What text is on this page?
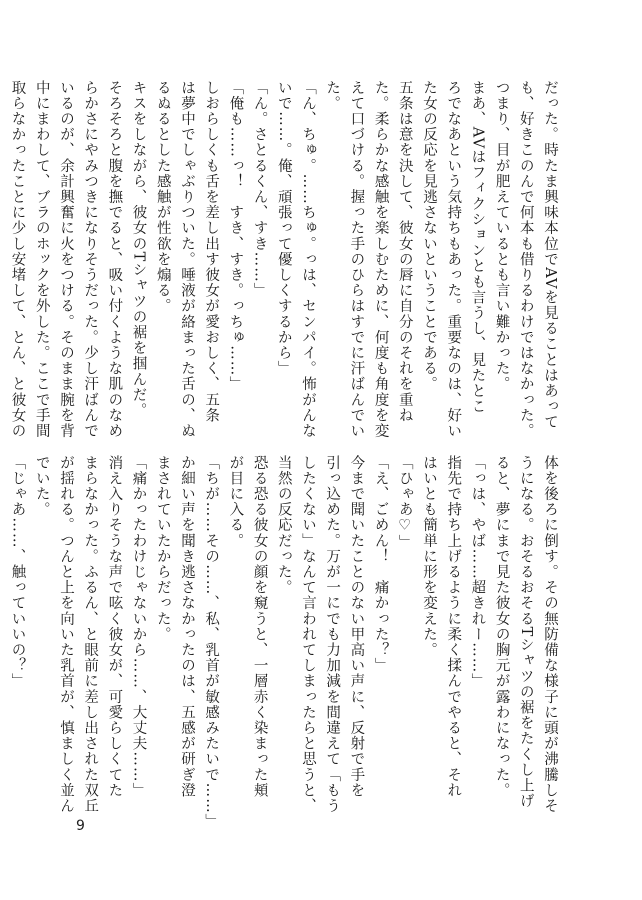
だった。時たま興味本位でAVを見ることはあって
も、好きこのんで何本も借りるわけではなかった。
つまり、目が肥えているとも言い難かった。
まあ、AVはフィクションとも言うし、見たとこ
ろでなあという気持ちもあった。重要なのは、好い
た女の反応を見逃さないということである。
五条は意を決して、彼女の唇に自分のそれを重ね
た。柔らかな感触を楽しむために、何度も角度を変
えて口づける。握った手のひらはすでに汗ばんでい
た。
「ん、ちゅ。……ちゅ。っは、センパイ。怖がんな
いで……。俺、頑張って優しくするから」
「ん。さとるくん、すき……」
「俺も……っ！　すき、すき。っちゅ……」
しおらしくも舌を差し出す彼女が愛おしく、五条
は夢中でしゃぶりついた。唾液が絡まった舌の、ぬ
るぬるとした感触が性欲を煽る。
キスをしながら、彼女のTシャツの裾を掴んだ。
そろそろと腹を撫でると、吸い付くような肌のなめ
らかさにやみつきになりそうだった。少し汗ばんで
いるのが、余計興奮に火をつける。そのまま腕を背
中にまわして、ブラのホックを外した。ここで手間
取らなかったことに少し安堵して、とん、と彼女の
体を後ろに倒す。その無防備な様子に頭が沸騰しそ
うになる。おそるおそるTシャツの裾をたくし上げ
ると、夢にまで見た彼女の胸元が露わになった。
「っは、やば……超きれー……」
指先で持ち上げるように柔く揉んでやると、それ
はいとも簡単に形を変えた。
「ひゃあ♡」
「え、ごめん！　痛かった？」
今まで聞いたことのない甲高い声に、反射で手を
引っ込めた。万が一にでも力加減を間違えて「もう
したくない」なんて言われてしまったらと思うと、
当然の反応だった。
恐る恐る彼女の顔を窺うと、一層赤く染まった頬
が目に入る。
「ちが……その……、私、乳首が敏感みたいで……」
か細い声を聞き逃さなかったのは、五感が研ぎ澄
まされていたからだった。
「痛かったわけじゃないから……、大丈夫……」
消え入りそうな声で呟く彼女が、可愛らしくてた
まらなかった。ふるん、と眼前に差し出された双丘
が揺れる。つんと上を向いた乳首が、慎ましく並ん
でいた。
「じゃあ……、触っていいの？」
9
